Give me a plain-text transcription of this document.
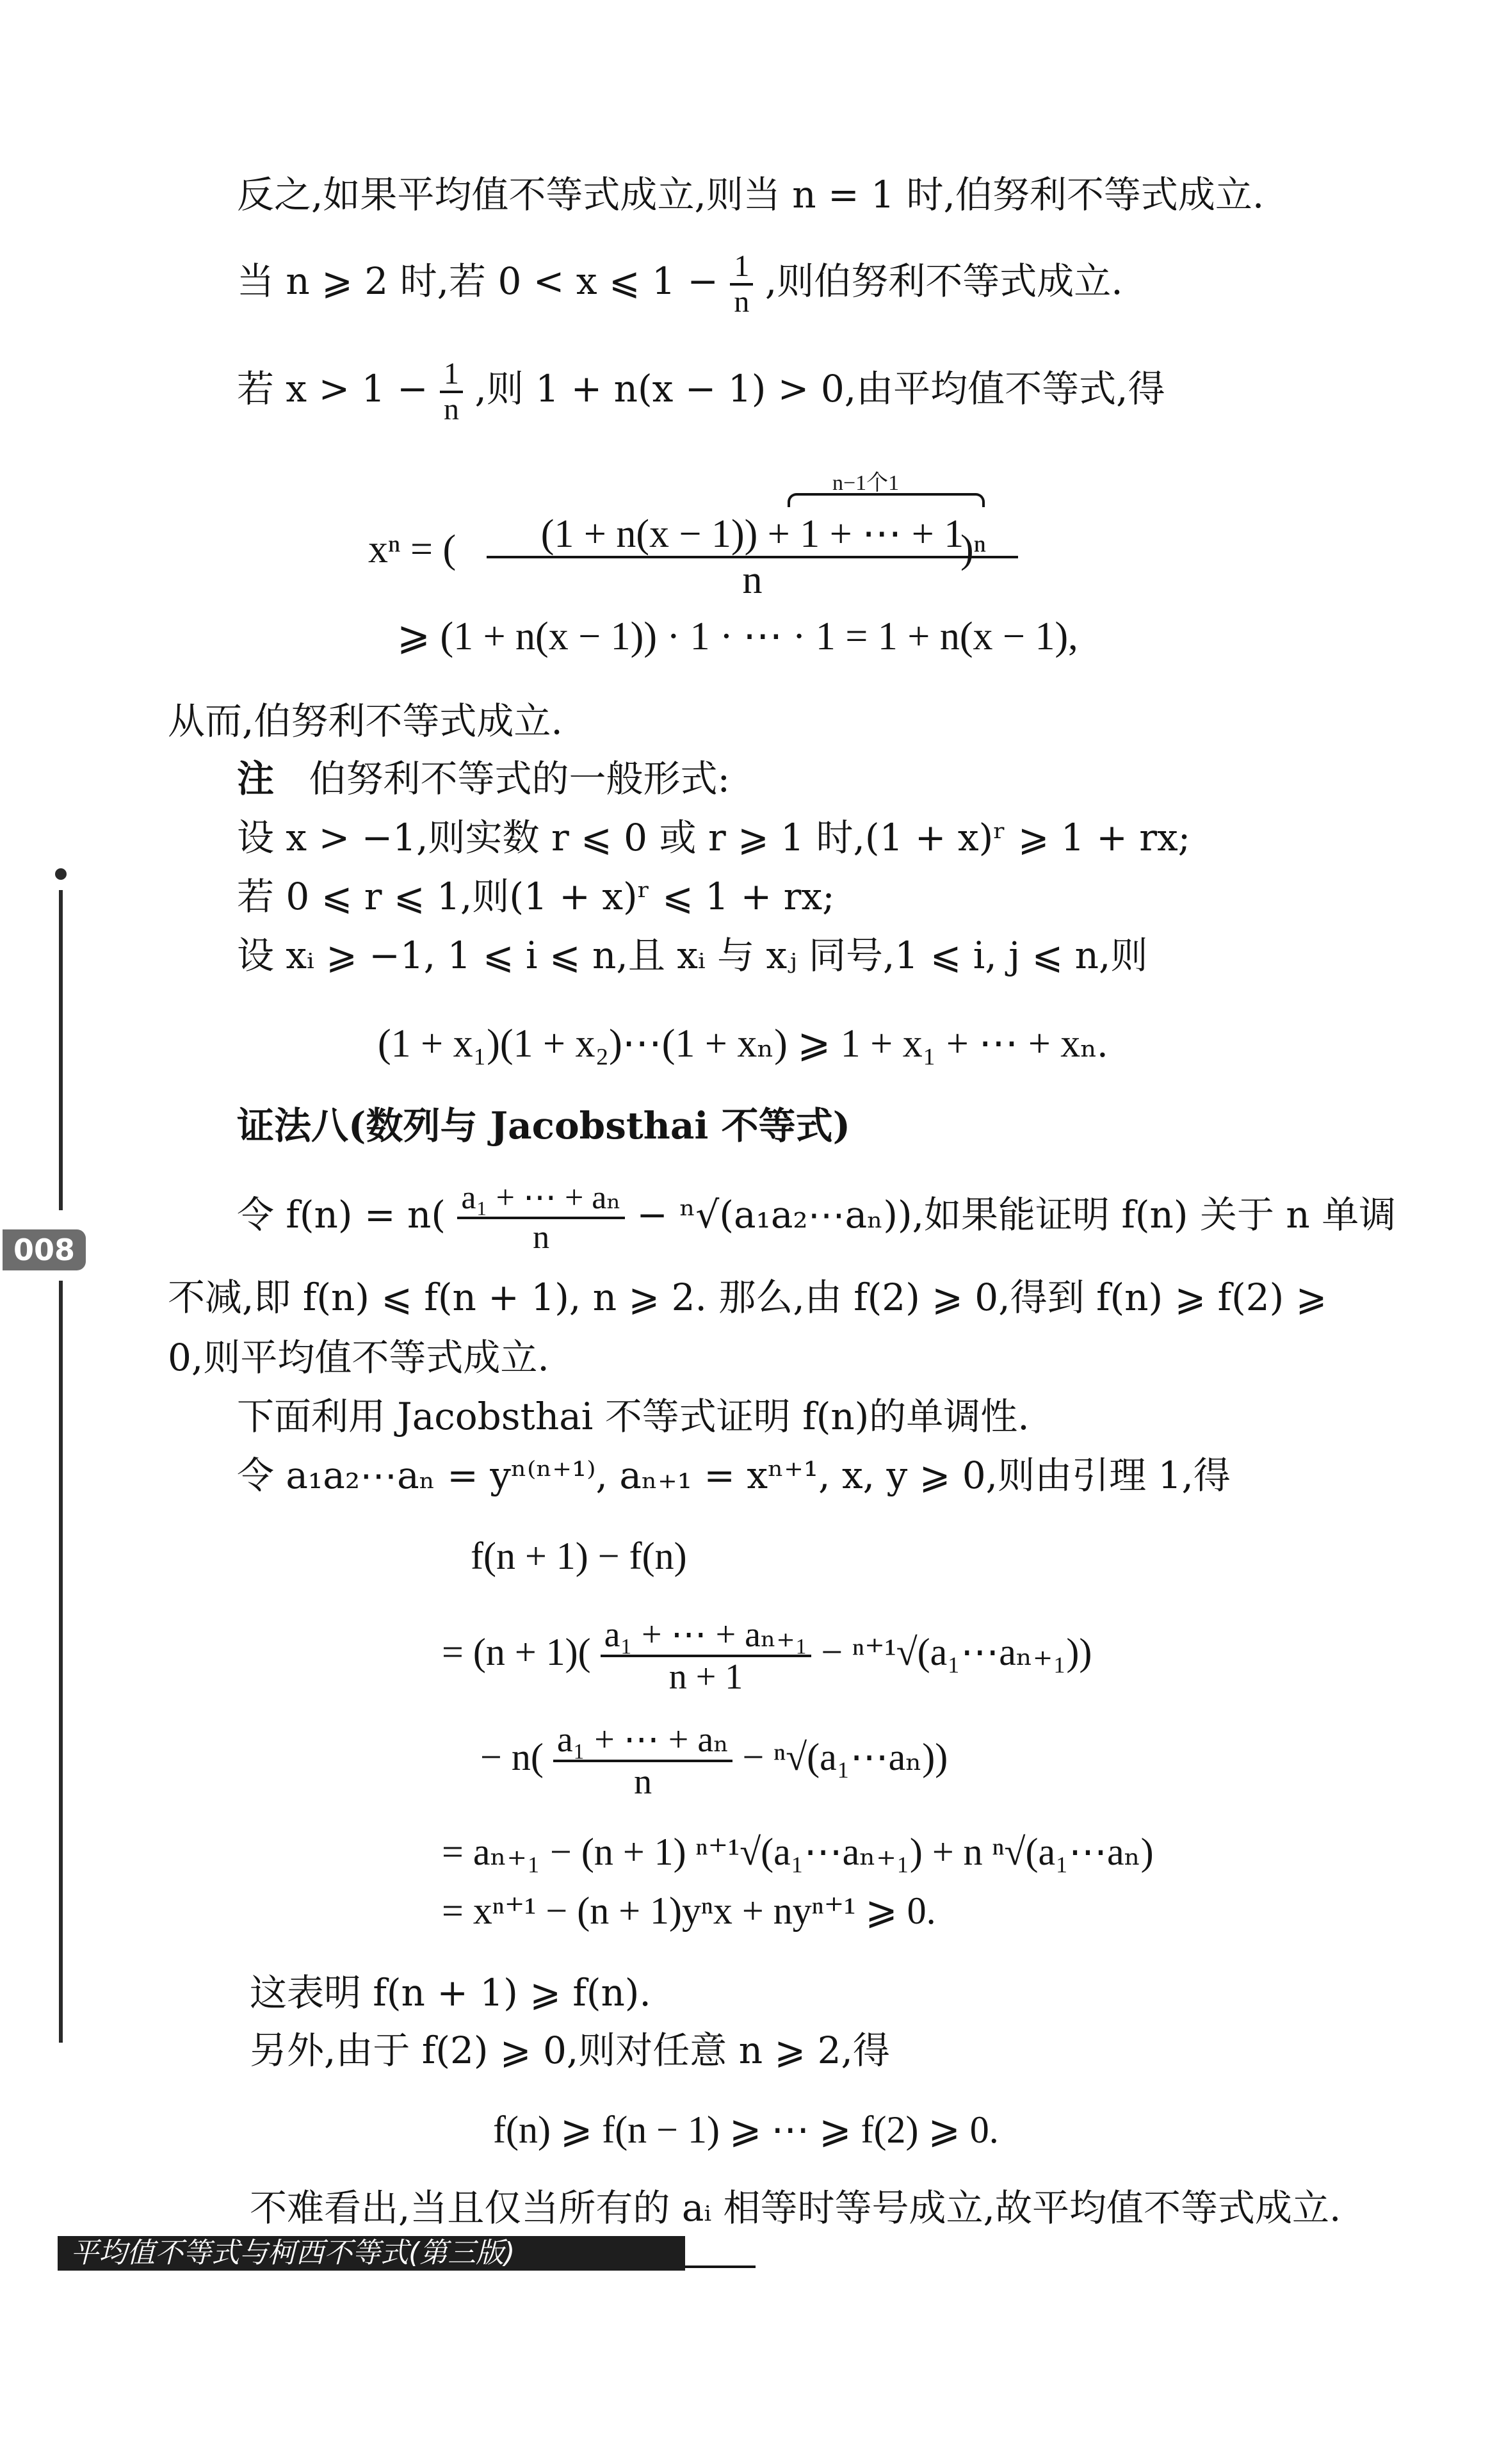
008
反之,如果平均值不等式成立,则当 n = 1 时,伯努利不等式成立.
当 n ⩾ 2 时,若 0 < x ⩽ $1 - \frac{1}{n}$ ,则伯努利不等式成立.
若 $x > 1 - \frac{1}{n}$ ,则 1 + n(x − 1) > 0,由平均值不等式,得
n−1个1
xⁿ = ( $\frac{(1 + n(x - 1)) + 1 + \cdots + 1}{n}$
)ⁿ
⩾ (1 + n(x − 1)) · 1 · ⋯ · 1 = 1 + n(x − 1),
从而,伯努利不等式成立.
注 伯努利不等式的一般形式:
设 x > −1,则实数 r ⩽ 0 或 r ⩾ 1 时,(1 + x)ʳ ⩾ 1 + rx;
若 0 ⩽ r ⩽ 1,则(1 + x)ʳ ⩽ 1 + rx;
设 xᵢ ⩾ −1, 1 ⩽ i ⩽ n,且 xᵢ 与 xⱼ 同号,1 ⩽ i, j ⩽ n,则
(1 + x₁)(1 + x₂)⋯(1 + xₙ) ⩾ 1 + x₁ + ⋯ + xₙ.
证法八(数列与 Jacobsthai 不等式)
令 $f(n) = n( \frac{\text{a₁ + ⋯ + aₙ}}{n}$ − ⁿ√(a₁a₂⋯aₙ)),如果能证明 f(n) 关于 n 单调
不减,即 f(n) ⩽ f(n + 1), n ⩾ 2. 那么,由 f(2) ⩾ 0,得到 f(n) ⩾ f(2) ⩾
0,则平均值不等式成立.
下面利用 Jacobsthai 不等式证明 f(n)的单调性.
令 a₁a₂⋯aₙ = yⁿ⁽ⁿ⁺¹⁾, aₙ₊₁ = xⁿ⁺¹, x, y ⩾ 0,则由引理 1,得
f(n + 1) − f(n)
= $(n + 1)( \frac{\text{a₁ + ⋯ + aₙ₊₁}}{n + 1}$ − ⁿ⁺¹√(a₁⋯aₙ₊₁))
− $n( \frac{\text{a₁ + ⋯ + aₙ}}{n}$ − ⁿ√(a₁⋯aₙ))
= aₙ₊₁ − (n + 1) ⁿ⁺¹√(a₁⋯aₙ₊₁) + n ⁿ√(a₁⋯aₙ)
= xⁿ⁺¹ − (n + 1)yⁿx + nyⁿ⁺¹ ⩾ 0.
这表明 f(n + 1) ⩾ f(n).
另外,由于 f(2) ⩾ 0,则对任意 n ⩾ 2,得
f(n) ⩾ f(n − 1) ⩾ ⋯ ⩾ f(2) ⩾ 0.
不难看出,当且仅当所有的 aᵢ 相等时等号成立,故平均值不等式成立.
平均值不等式与柯西不等式(第三版)
